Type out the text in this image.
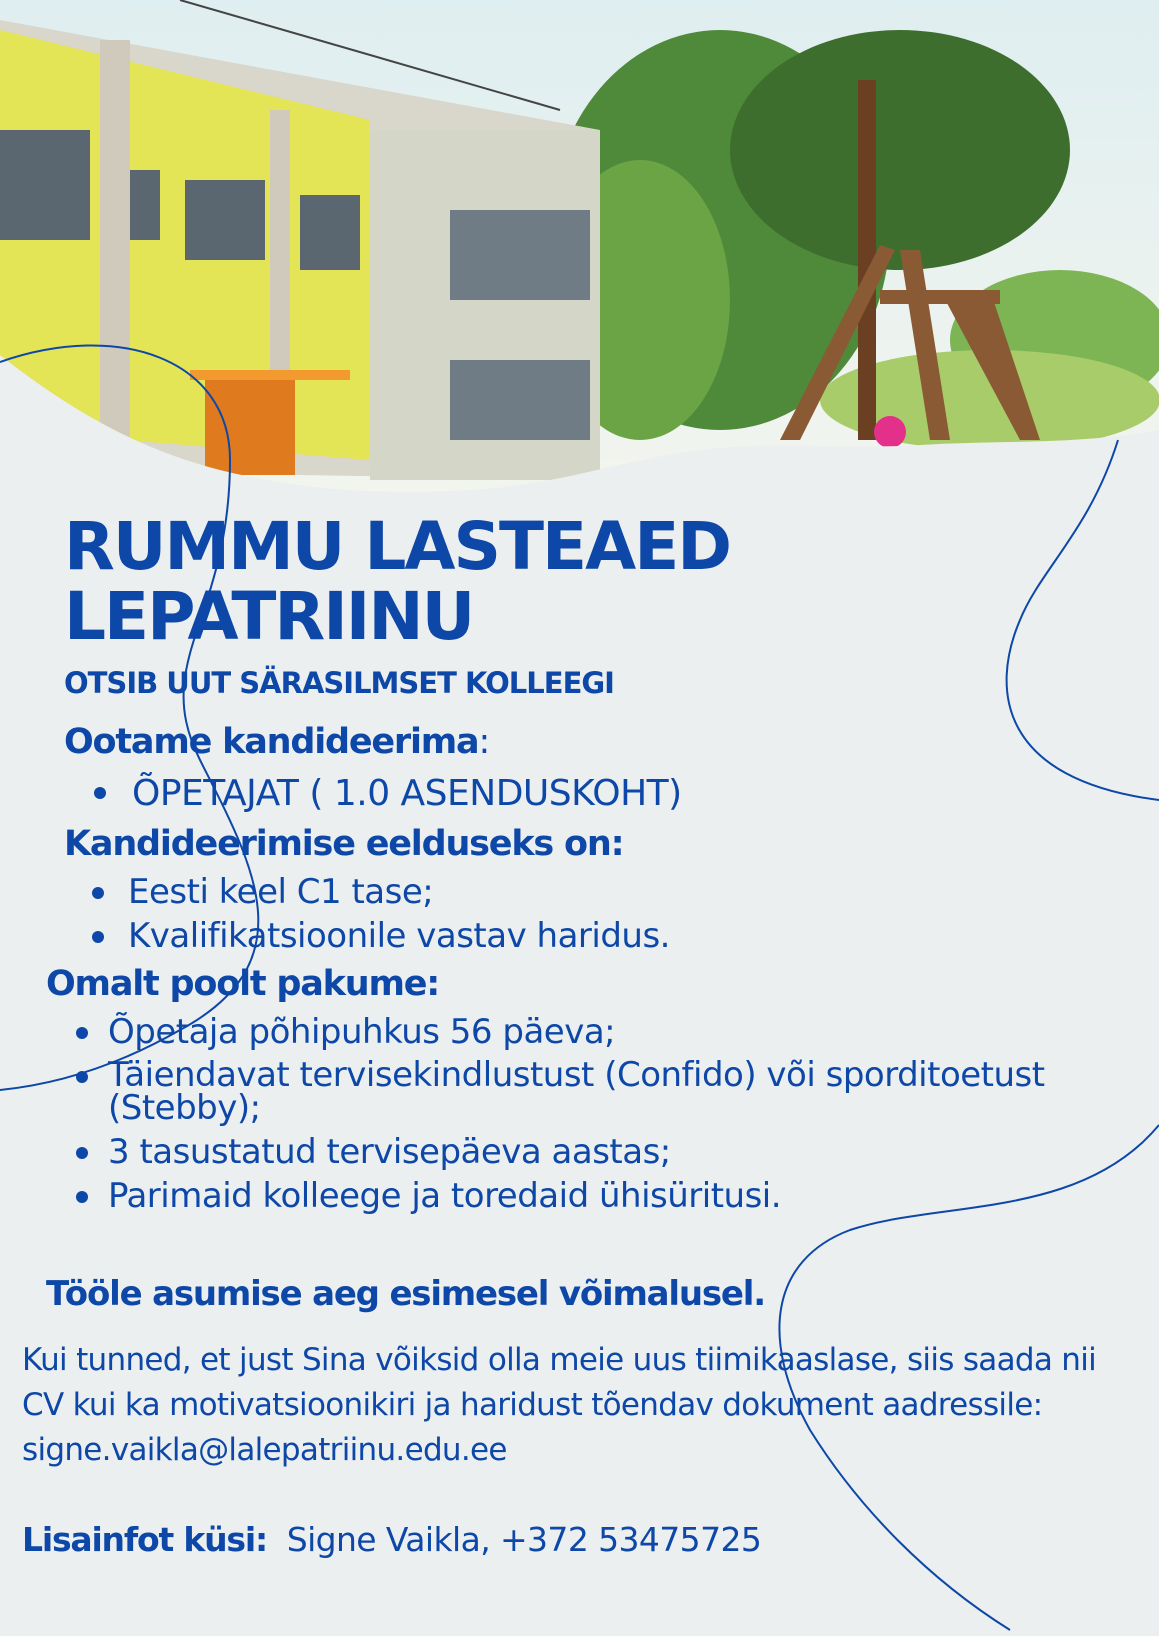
RUMMU LASTEAED
LEPATRIINU

OTSIB UUT SÄRASILMSET KOLLEEGI

Ootame kandideerima:

ÕPETAJAT ( 1.0 ASENDUSKOHT)

Kandideerimise eelduseks on:

Eesti keel C1 tase;
Kvalifikatsioonile vastav haridus.

Omalt poolt pakume:

Õpetaja põhipuhkus 56 päeva;
Täiendavat tervisekindlustust (Confido) või sporditoetust (Stebby);
3 tasustatud tervisepäeva aastas;
Parimaid kolleege ja toredaid ühisüritusi.

Tööle asumise aeg esimesel võimalusel.

Kui tunned, et just Sina võiksid olla meie uus tiimikaaslase, siis saada nii CV kui ka motivatsioonikiri ja haridust tõendav dokument aadressile: signe.vaikla@lalepatriinu.edu.ee

Lisainfot küsi: Signe Vaikla, +372 53475725
